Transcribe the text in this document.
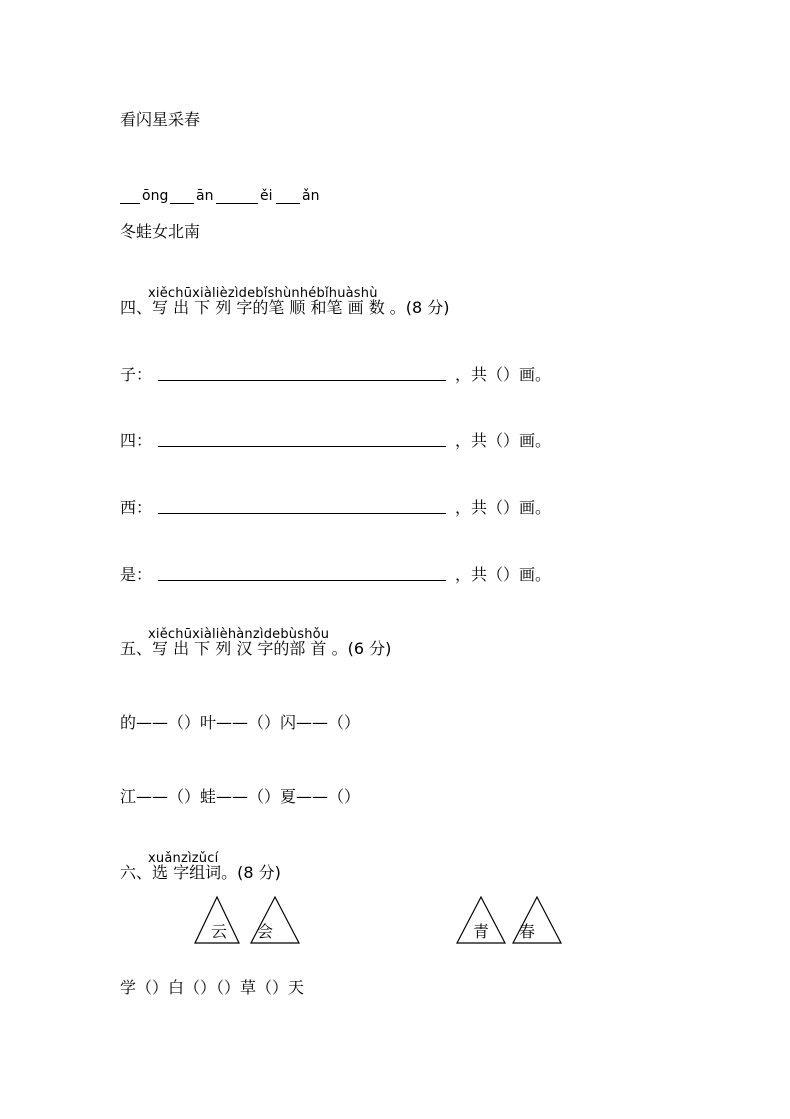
看闪星采春
ōng ān	ěi ǎn
冬蛙女北南
xiěchūxiàlièzìdebǐshùnhébǐhuàshù
四、写 出 下 列 字的笔 顺 和笔 画 数 。(8 分)
子：	，共（）画。
四：	，共（）画。
西：	，共（）画。
是：	，共（）画。
xiěchūxiàlièhànzìdebùshǒu
五、写 出 下 列 汉 字的部 首 。(6 分)
的——（）叶——（）闪——（）
江——（）蛙——（）夏——（）
xuǎnzìzǔcí
六、选 字组词。(8 分)
云 会	青 春
学（）白（）（）草（）天
